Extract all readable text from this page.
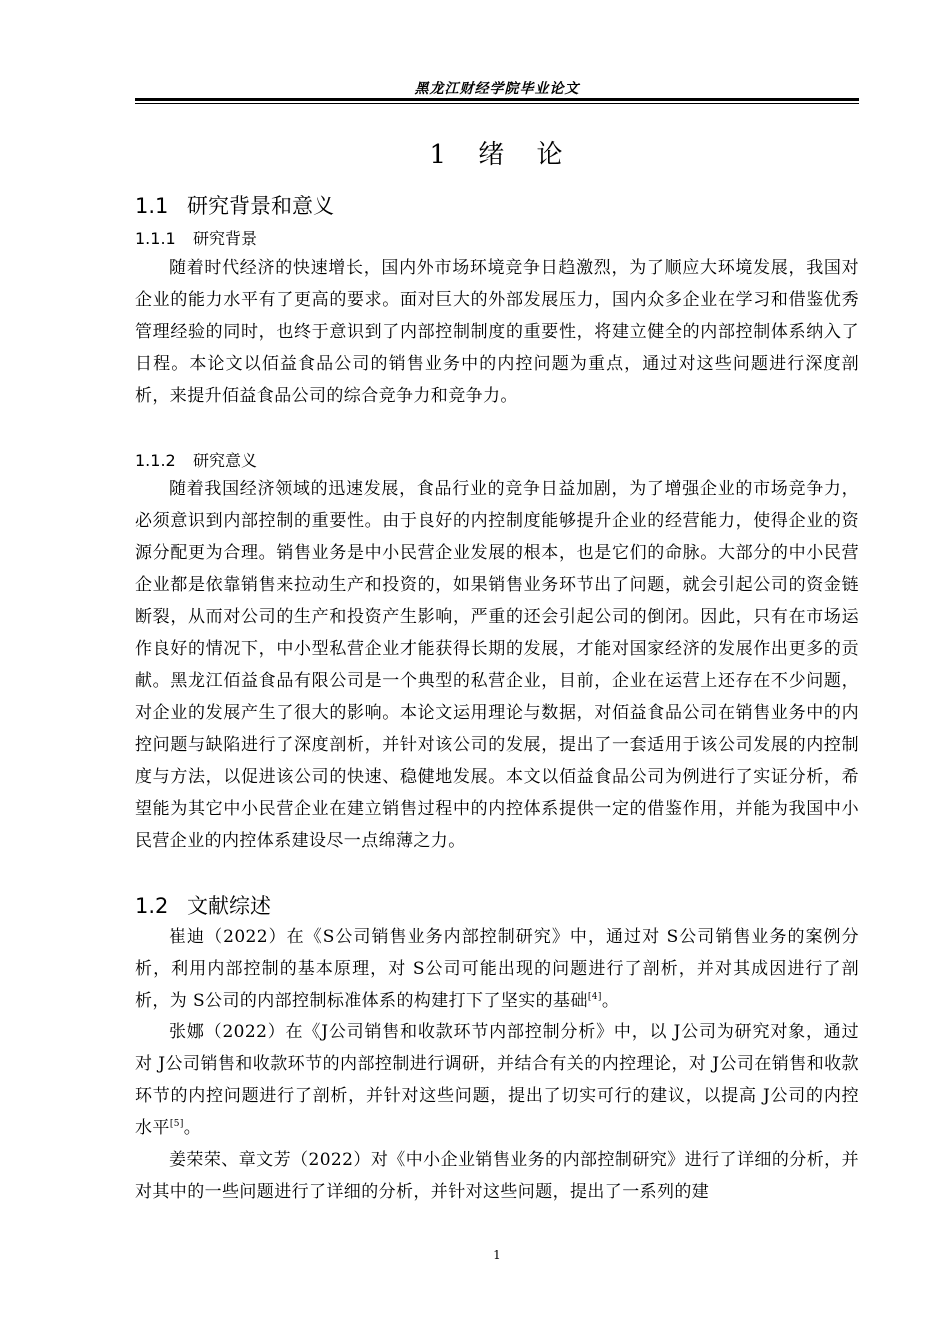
黑龙江财经学院毕业论文
1 绪 论
1.1 研究背景和意义
1.1.1 研究背景
随着时代经济的快速增长，国内外市场环境竞争日趋激烈，为了顺应大环境发展，我国对企业的能力水平有了更高的要求。面对巨大的外部发展压力，国内众多企业在学习和借鉴优秀管理经验的同时，也终于意识到了内部控制制度的重要性，将建立健全的内部控制体系纳入了日程。本论文以佰益食品公司的销售业务中的内控问题为重点，通过对这些问题进行深度剖析，来提升佰益食品公司的综合竞争力和竞争力。
1.1.2 研究意义
随着我国经济领域的迅速发展，食品行业的竞争日益加剧，为了增强企业的市场竞争力，必须意识到内部控制的重要性。由于良好的内控制度能够提升企业的经营能力，使得企业的资源分配更为合理。销售业务是中小民营企业发展的根本，也是它们的命脉。大部分的中小民营企业都是依靠销售来拉动生产和投资的，如果销售业务环节出了问题，就会引起公司的资金链断裂，从而对公司的生产和投资产生影响，严重的还会引起公司的倒闭。因此，只有在市场运作良好的情况下，中小型私营企业才能获得长期的发展，才能对国家经济的发展作出更多的贡献。黑龙江佰益食品有限公司是一个典型的私营企业，目前，企业在运营上还存在不少问题，对企业的发展产生了很大的影响。本论文运用理论与数据，对佰益食品公司在销售业务中的内控问题与缺陷进行了深度剖析，并针对该公司的发展，提出了一套适用于该公司发展的内控制度与方法，以促进该公司的快速、稳健地发展。本文以佰益食品公司为例进行了实证分析，希望能为其它中小民营企业在建立销售过程中的内控体系提供一定的借鉴作用，并能为我国中小民营企业的内控体系建设尽一点绵薄之力。
1.2 文献综述
崔迪（2022）在《S公司销售业务内部控制研究》中，通过对 S公司销售业务的案例分析，利用内部控制的基本原理，对 S公司可能出现的问题进行了剖析，并对其成因进行了剖析，为 S公司的内部控制标准体系的构建打下了坚实的基础[4]。
张娜（2022）在《J公司销售和收款环节内部控制分析》中，以 J公司为研究对象，通过对 J公司销售和收款环节的内部控制进行调研，并结合有关的内控理论，对 J公司在销售和收款环节的内控问题进行了剖析，并针对这些问题，提出了切实可行的建议，以提高 J公司的内控水平[5]。
姜荣荣、章文芳（2022）对《中小企业销售业务的内部控制研究》进行了详细的分析，并对其中的一些问题进行了详细的分析，并针对这些问题，提出了一系列的建
1
